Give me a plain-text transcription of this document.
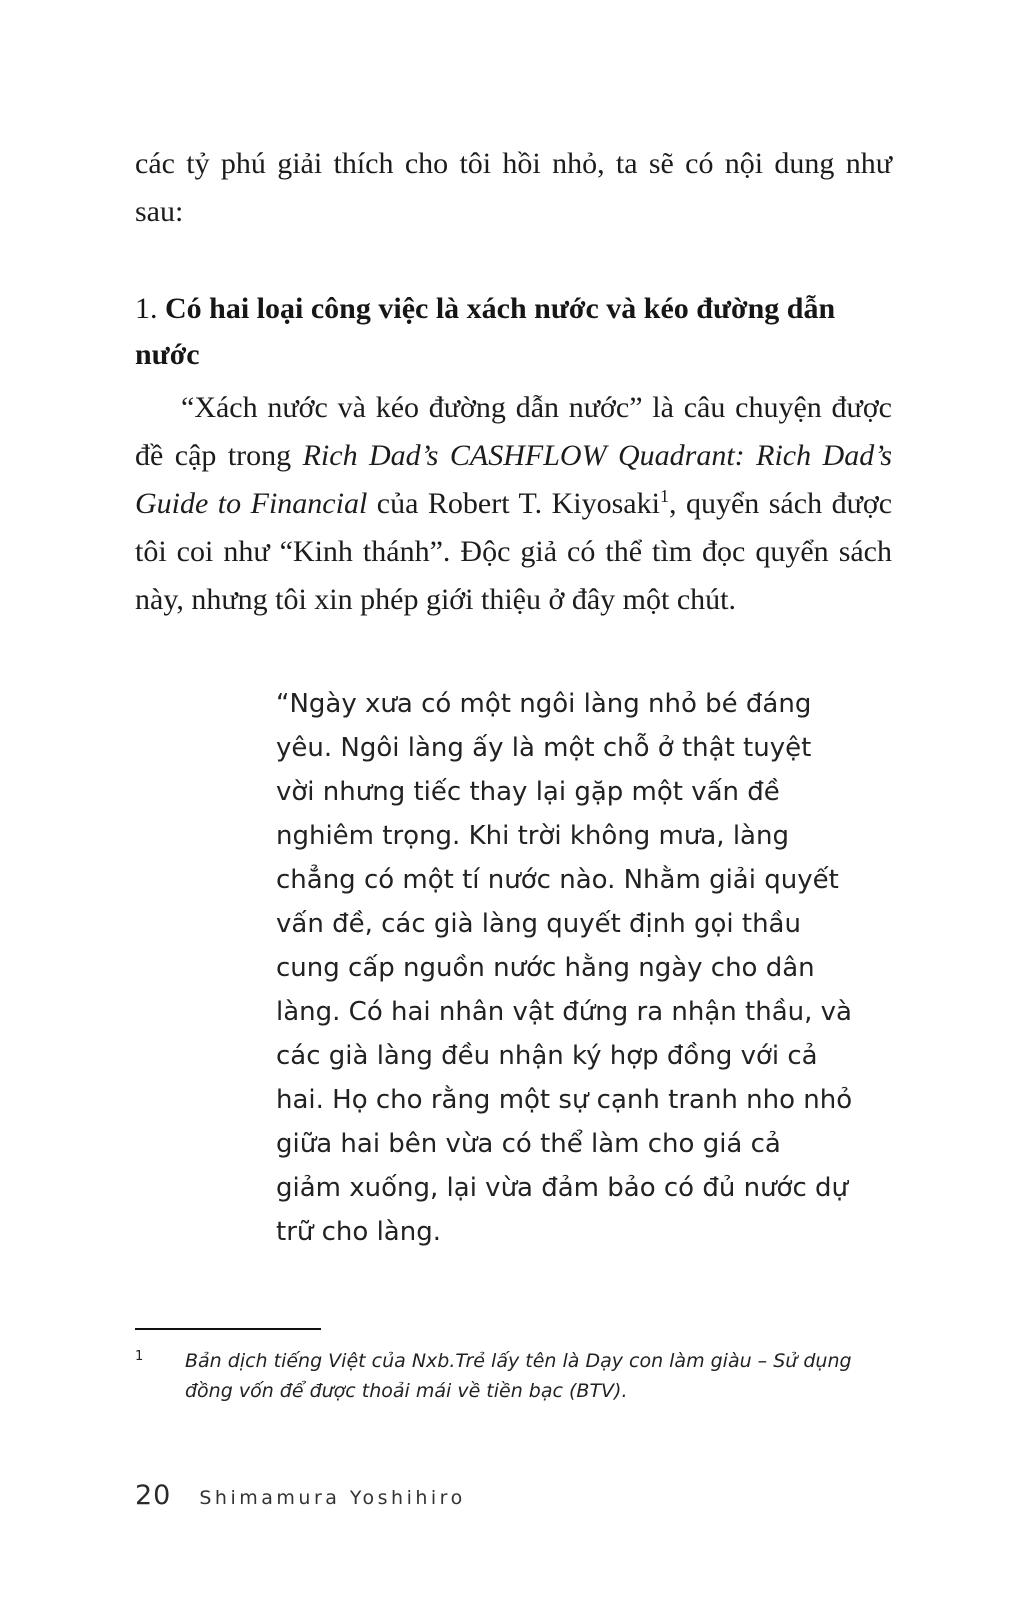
các tỷ phú giải thích cho tôi hồi nhỏ, ta sẽ có nội dung như sau:

1. Có hai loại công việc là xách nước và kéo đường dẫn nước

“Xách nước và kéo đường dẫn nước” là câu chuyện được đề cập trong Rich Dad’s CASHFLOW Quadrant: Rich Dad’s Guide to Financial của Robert T. Kiyosaki$^1$, quyển sách được tôi coi như “Kinh thánh”. Độc giả có thể tìm đọc quyển sách này, nhưng tôi xin phép giới thiệu ở đây một chút.

“Ngày xưa có một ngôi làng nhỏ bé đáng yêu. Ngôi làng ấy là một chỗ ở thật tuyệt vời nhưng tiếc thay lại gặp một vấn đề nghiêm trọng. Khi trời không mưa, làng chẳng có một tí nước nào. Nhằm giải quyết vấn đề, các già làng quyết định gọi thầu cung cấp nguồn nước hằng ngày cho dân làng. Có hai nhân vật đứng ra nhận thầu, và các già làng đều nhận ký hợp đồng với cả hai. Họ cho rằng một sự cạnh tranh nho nhỏ giữa hai bên vừa có thể làm cho giá cả giảm xuống, lại vừa đảm bảo có đủ nước dự trữ cho làng.
1	Bản dịch tiếng Việt của Nxb.Trẻ lấy tên là Dạy con làm giàu – Sử dụng đồng vốn để được thoải mái về tiền bạc (BTV).
20 Shimamura Yoshihiro
